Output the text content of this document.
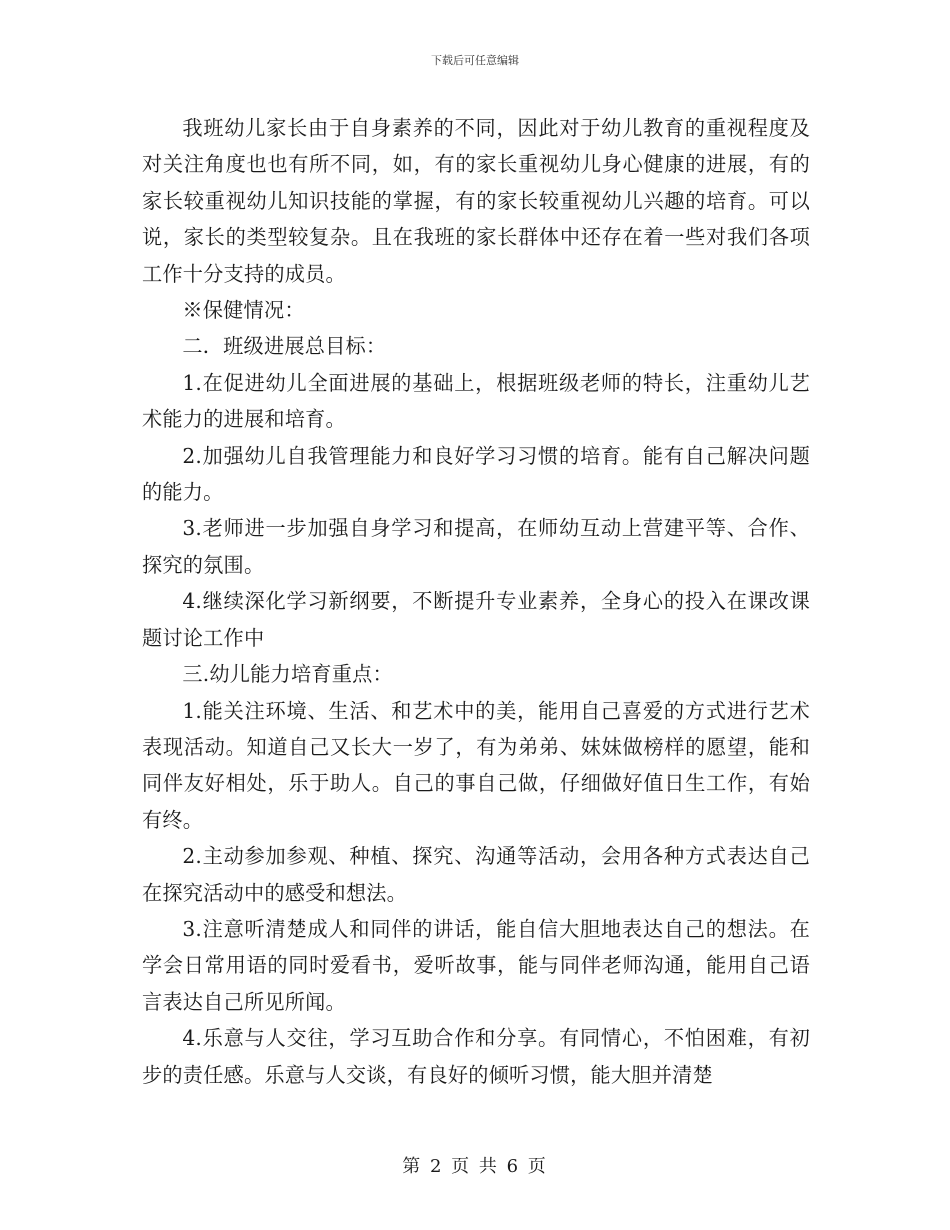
下载后可任意编辑

我班幼儿家长由于自身素养的不同，因此对于幼儿教育的重视程度及对关注角度也也有所不同，如，有的家长重视幼儿身心健康的进展，有的家长较重视幼儿知识技能的掌握，有的家长较重视幼儿兴趣的培育。可以说，家长的类型较复杂。且在我班的家长群体中还存在着一些对我们各项工作十分支持的成员。

※保健情况：

二．班级进展总目标：

1.在促进幼儿全面进展的基础上，根据班级老师的特长，注重幼儿艺术能力的进展和培育。

2.加强幼儿自我管理能力和良好学习习惯的培育。能有自己解决问题的能力。

3.老师进一步加强自身学习和提高，在师幼互动上营建平等、合作、探究的氛围。

4.继续深化学习新纲要，不断提升专业素养，全身心的投入在课改课题讨论工作中

三.幼儿能力培育重点：

1.能关注环境、生活、和艺术中的美，能用自己喜爱的方式进行艺术表现活动。知道自己又长大一岁了，有为弟弟、妹妹做榜样的愿望，能和同伴友好相处，乐于助人。自己的事自己做，仔细做好值日生工作，有始有终。

2.主动参加参观、种植、探究、沟通等活动，会用各种方式表达自己在探究活动中的感受和想法。

3.注意听清楚成人和同伴的讲话，能自信大胆地表达自己的想法。在学会日常用语的同时爱看书，爱听故事，能与同伴老师沟通，能用自己语言表达自己所见所闻。

4.乐意与人交往，学习互助合作和分享。有同情心，不怕困难，有初步的责任感。乐意与人交谈，有良好的倾听习惯，能大胆并清楚

第 2 页 共 6 页
